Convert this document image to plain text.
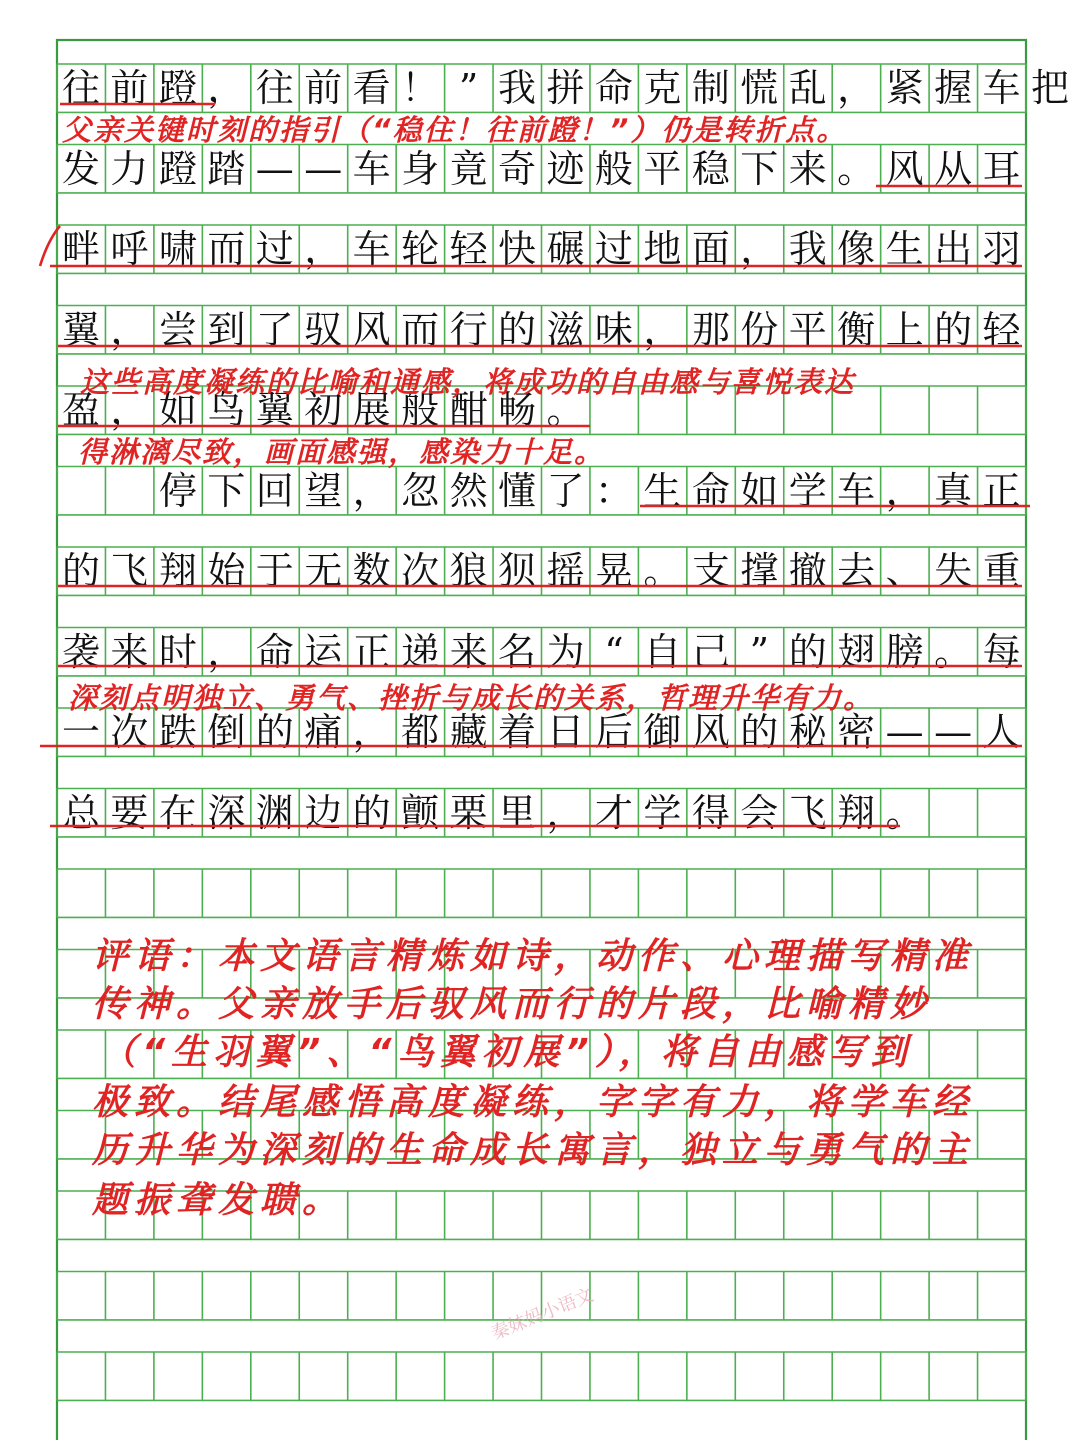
往 前 蹬 ， 往 前 看 ！ ” 我 拼 命 克 制 慌 乱 ， 紧 握 车 把
发 力 蹬 踏 — — 车 身 竟 奇 迹 般 平 稳 下 来 。 风 从 耳
畔 呼 啸 而 过 ， 车 轮 轻 快 碾 过 地 面 ， 我 像 生 出 羽
翼 ， 尝 到 了 驭 风 而 行 的 滋 味 ， 那 份 平 衡 上 的 轻
盈 ， 如 鸟 翼 初 展 般 酣 畅 。

停 下 回 望 ， 忽 然 懂 了 ： 生 命 如 学 车 ， 真 正
的 飞 翔 始 于 无 数 次 狼 狈 摇 晃 。 支 撑 撤 去 、 失 重
袭 来 时 ， 命 运 正 递 来 名 为 “ 自 己 ” 的 翅 膀 。 每
一 次 跌 倒 的 痛 ， 都 藏 着 日 后 御 风 的 秘 密 — — 人
总 要 在 深 渊 边 的 颤 栗 里 ， 才 学 得 会 飞 翔 。
父亲关键时刻的指引（“稳住！往前蹬！”）仍是转折点。
这些高度凝练的比喻和通感，将成功的自由感与喜悦表达
得淋漓尽致，画面感强，感染力十足。
深刻点明独立、勇气、挫折与成长的关系，哲理升华有力。
评语：本文语言精炼如诗，动作、心理描写精准
传神。父亲放手后驭风而行的片段，比喻精妙
（“生羽翼”、“鸟翼初展”），将自由感写到
极致。结尾感悟高度凝练，字字有力，将学车经
历升华为深刻的生命成长寓言，独立与勇气的主
题振聋发聩。
秦妹妈小语文
